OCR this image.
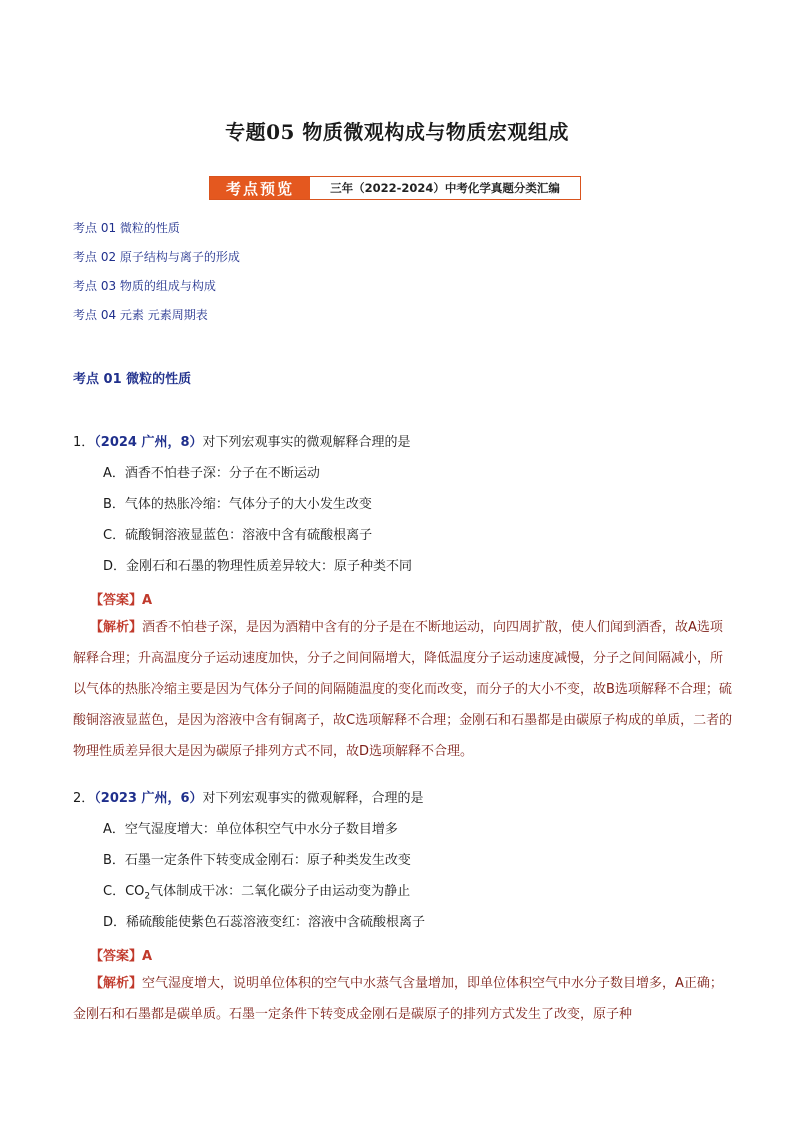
专题05 物质微观构成与物质宏观组成
考点预览	三年（2022-2024）中考化学真题分类汇编
考点 01 微粒的性质
考点 02 原子结构与离子的形成
考点 03 物质的组成与构成
考点 04 元素 元素周期表
考点 01 微粒的性质
1．（2024 广州，8）对下列宏观事实的微观解释合理的是
A．酒香不怕巷子深：分子在不断运动
B．气体的热胀冷缩：气体分子的大小发生改变
C．硫酸铜溶液显蓝色：溶液中含有硫酸根离子
D．金刚石和石墨的物理性质差异较大：原子种类不同
【答案】A
【解析】酒香不怕巷子深，是因为酒精中含有的分子是在不断地运动，向四周扩散，使人们闻到酒香，故A选项解释合理；升高温度分子运动速度加快，分子之间间隔增大，降低温度分子运动速度减慢，分子之间间隔减小，所以气体的热胀冷缩主要是因为气体分子间的间隔随温度的变化而改变，而分子的大小不变，故B选项解释不合理；硫酸铜溶液显蓝色，是因为溶液中含有铜离子，故C选项解释不合理；金刚石和石墨都是由碳原子构成的单质，二者的物理性质差异很大是因为碳原子排列方式不同，故D选项解释不合理。
2．（2023 广州，6）对下列宏观事实的微观解释，合理的是
A．空气湿度增大：单位体积空气中水分子数目增多
B．石墨一定条件下转变成金刚石：原子种类发生改变
C．$CO_2$气体制成干冰：二氧化碳分子由运动变为静止
D．稀硫酸能使紫色石蕊溶液变红：溶液中含硫酸根离子
【答案】A
【解析】空气湿度增大，说明单位体积的空气中水蒸气含量增加，即单位体积空气中水分子数目增多，A正确；金刚石和石墨都是碳单质。石墨一定条件下转变成金刚石是碳原子的排列方式发生了改变，原子种
